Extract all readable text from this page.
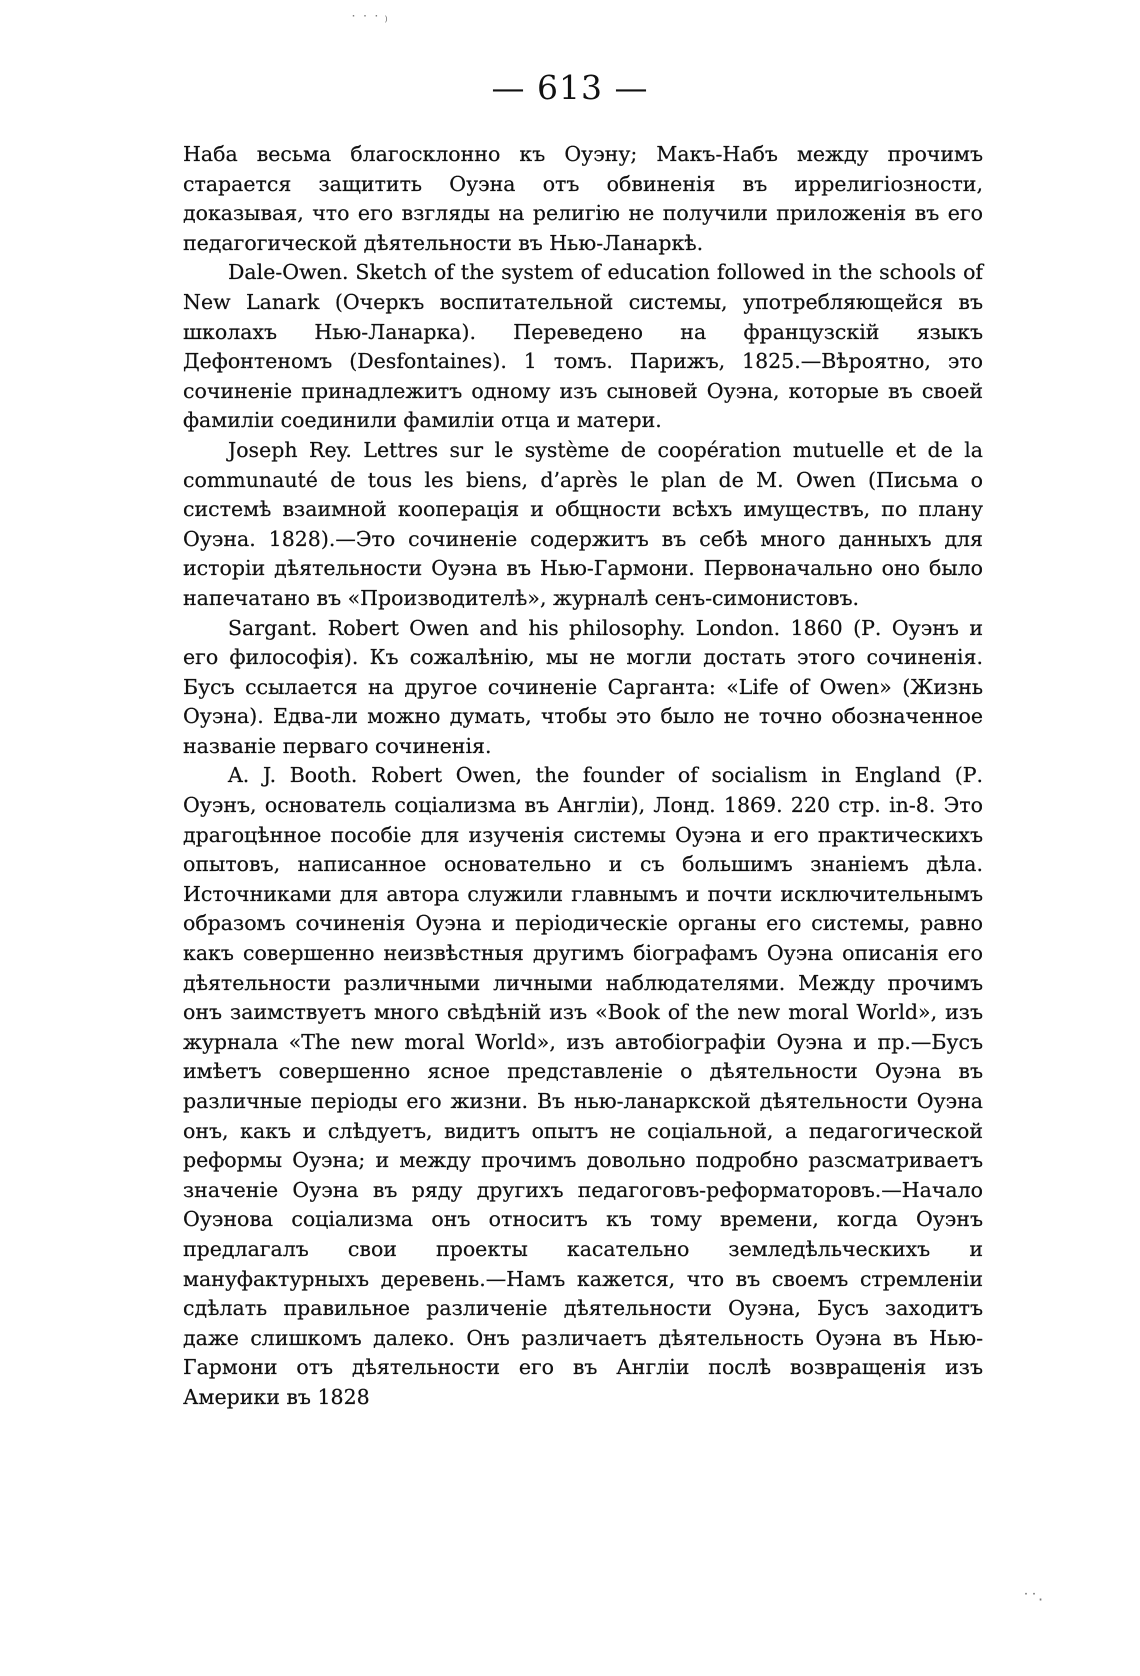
˙ ˙ ˙ ⁾
˙˙·
— 613 —

Наба весьма благосклонно къ Оуэну; Макъ-Набъ между прочимъ старается защитить Оуэна отъ обвиненія въ иррелигіозности, доказывая, что его взгляды на религію не получили приложенія въ его педагогической дѣятельности въ Нью-Ланаркѣ.

Dale-Owen. Sketch of the system of education followed in the schools of New Lanark (Очеркъ воспитательной системы, употребляющейся въ школахъ Нью-Ланарка). Переведено на французскій языкъ Дефонтеномъ (Desfontaines). 1 томъ. Парижъ, 1825.—Вѣроятно, это сочиненіе принадлежитъ одному изъ сыновей Оуэна, которые въ своей фамиліи соединили фамиліи отца и матери.

Joseph Rey. Lettres sur le système de coopération mutuelle et de la communauté de tous les biens, d’après le plan de M. Owen (Письма о системѣ взаимной кооперація и общности всѣхъ имуществъ, по плану Оуэна. 1828).—Это сочиненіе содержитъ въ себѣ много данныхъ для исторіи дѣятельности Оуэна въ Нью-Гармони. Первоначально оно было напечатано въ «Производителѣ», журналѣ сенъ-симонистовъ.

Sargant. Robert Owen and his philosophy. London. 1860 (Р. Оуэнъ и его философія). Къ сожалѣнію, мы не могли достать этого сочиненія. Бусъ ссылается на другое сочиненіе Сарганта: «Life of Owen» (Жизнь Оуэна). Едва-ли можно думать, чтобы это было не точно обозначенное названіе перваго сочиненія.

A. J. Booth. Robert Owen, the founder of socialism in England (Р. Оуэнъ, основатель соціализма въ Англіи), Лонд. 1869. 220 стр. in-8. Это драгоцѣнное пособіе для изученія системы Оуэна и его практическихъ опытовъ, написанное основательно и съ большимъ знаніемъ дѣла. Источниками для автора служили главнымъ и почти исключительнымъ образомъ сочиненія Оуэна и періодическіе органы его системы, равно какъ совершенно неизвѣстныя другимъ біографамъ Оуэна описанія его дѣятельности различными личными наблюдателями. Между прочимъ онъ заимствуетъ много свѣдѣній изъ «Book of the new moral World», изъ журнала «The new moral World», изъ автобіографіи Оуэна и пр.—Бусъ имѣетъ совершенно ясное представленіе о дѣятельности Оуэна въ различные періоды его жизни. Въ нью-ланаркской дѣятельности Оуэна онъ, какъ и слѣдуетъ, видитъ опытъ не соціальной, а педагогической реформы Оуэна; и между прочимъ довольно подробно разсматриваетъ значеніе Оуэна въ ряду другихъ педагоговъ-реформаторовъ.—Начало Оуэнова соціализма онъ относитъ къ тому времени, когда Оуэнъ предлагалъ свои проекты касательно земледѣльческихъ и мануфактурныхъ деревень.—Намъ кажется, что въ своемъ стремленіи сдѣлать правильное различеніе дѣятельности Оуэна, Бусъ заходитъ даже слишкомъ далеко. Онъ различаетъ дѣятельность Оуэна въ Нью-Гармони отъ дѣятельности его въ Англіи послѣ возвращенія изъ Америки въ 1828
